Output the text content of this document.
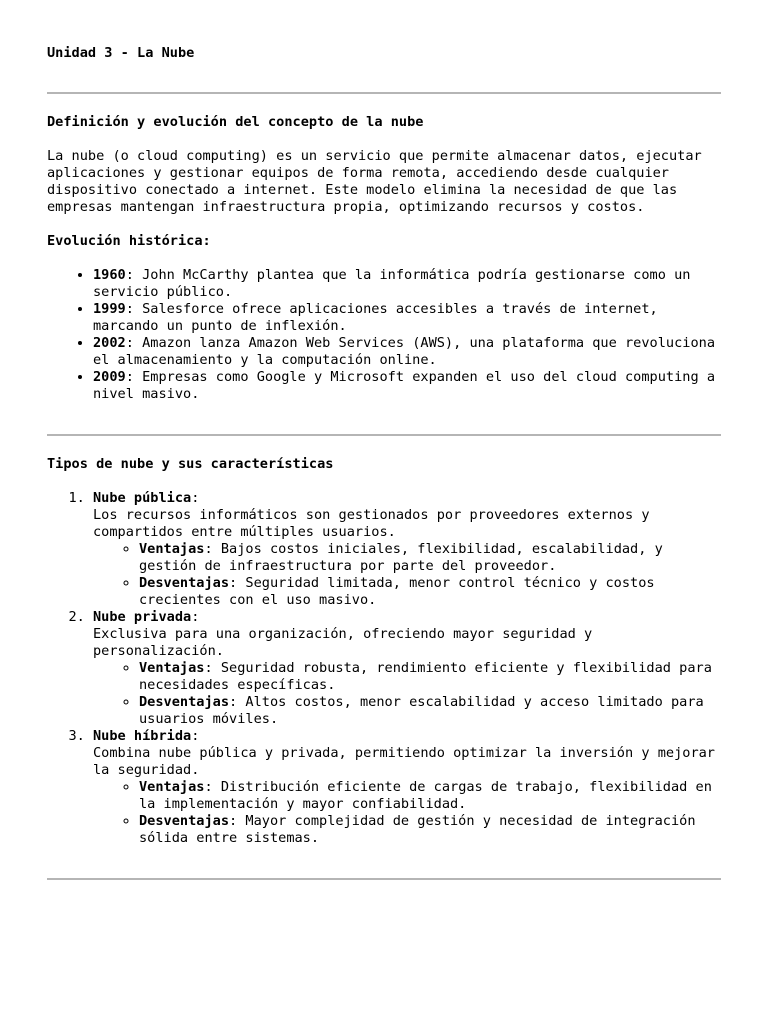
Unidad 3 - La Nube
Definición y evolución del concepto de la nube

La nube (o cloud computing) es un servicio que permite almacenar datos, ejecutar aplicaciones y gestionar equipos de forma remota, accediendo desde cualquier dispositivo conectado a internet. Este modelo elimina la necesidad de que las empresas mantengan infraestructura propia, optimizando recursos y costos.

Evolución histórica:

• 1960: John McCarthy plantea que la informática podría gestionarse como un servicio público.
• 1999: Salesforce ofrece aplicaciones accesibles a través de internet, marcando un punto de inflexión.
• 2002: Amazon lanza Amazon Web Services (AWS), una plataforma que revoluciona el almacenamiento y la computación online.
• 2009: Empresas como Google y Microsoft expanden el uso del cloud computing a nivel masivo.
Tipos de nube y sus características
1. Nube pública:
Los recursos informáticos son gestionados por proveedores externos y compartidos entre múltiples usuarios.
◦ Ventajas: Bajos costos iniciales, flexibilidad, escalabilidad, y gestión de infraestructura por parte del proveedor.
◦ Desventajas: Seguridad limitada, menor control técnico y costos crecientes con el uso masivo.
2. Nube privada:
Exclusiva para una organización, ofreciendo mayor seguridad y personalización.
◦ Ventajas: Seguridad robusta, rendimiento eficiente y flexibilidad para necesidades específicas.
◦ Desventajas: Altos costos, menor escalabilidad y acceso limitado para usuarios móviles.
3. Nube híbrida:
Combina nube pública y privada, permitiendo optimizar la inversión y mejorar la seguridad.
◦ Ventajas: Distribución eficiente de cargas de trabajo, flexibilidad en la implementación y mayor confiabilidad.
◦ Desventajas: Mayor complejidad de gestión y necesidad de integración sólida entre sistemas.
